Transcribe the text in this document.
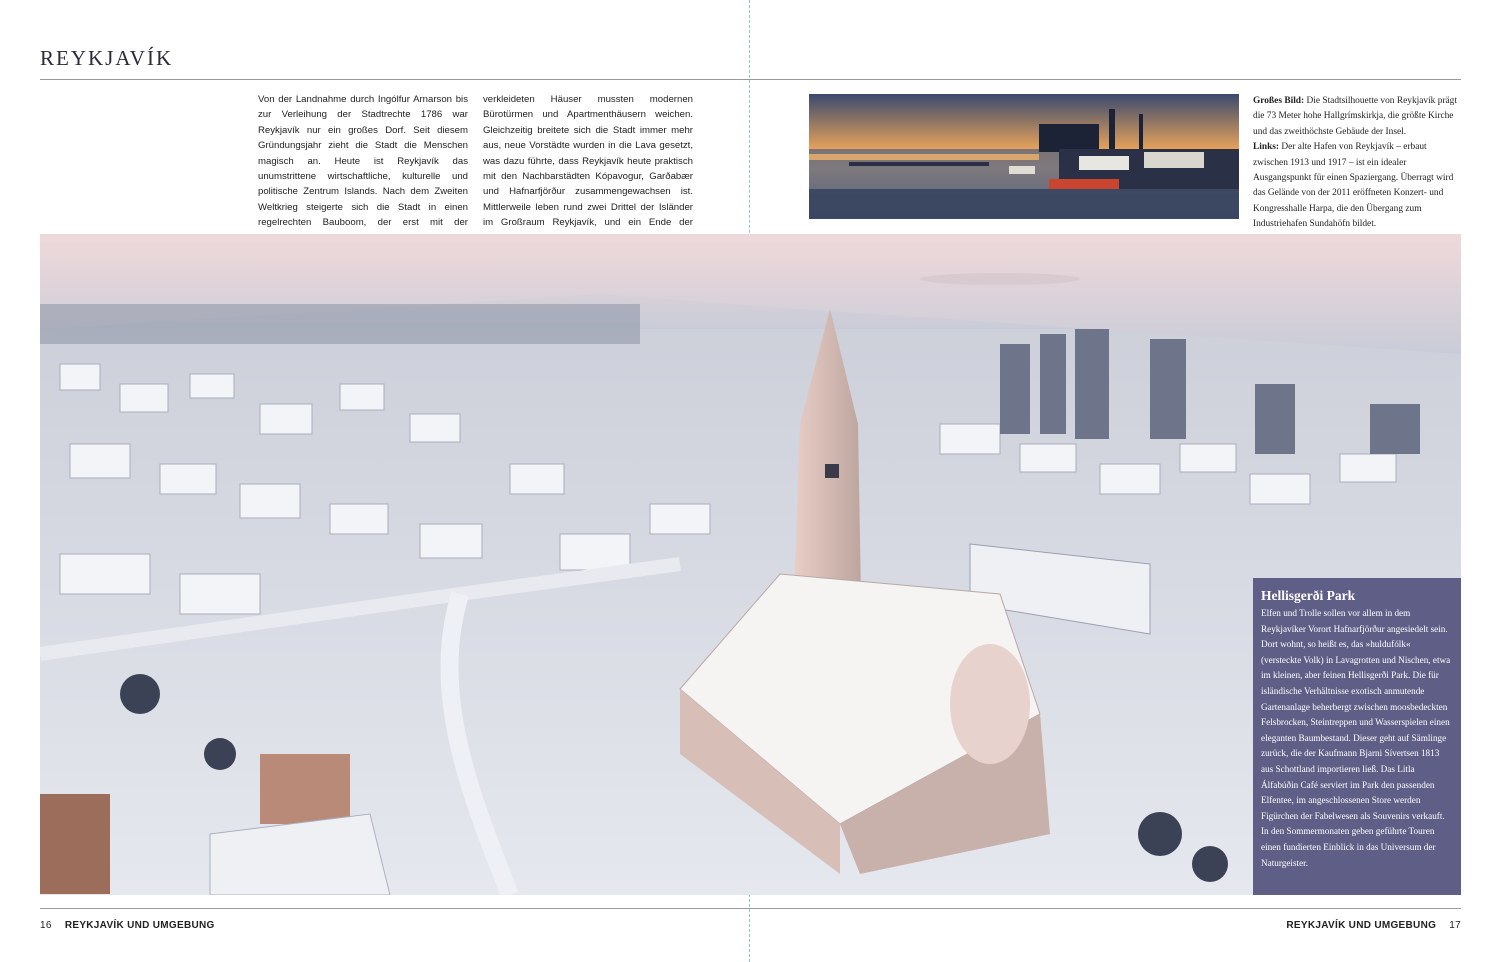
REYKJAVÍK

Von der Landnahme durch Ingólfur Arnarson bis zur Verleihung der Stadtrechte 1786 war Reykjavík nur ein großes Dorf. Seit diesem Gründungsjahr zieht die Stadt die Menschen magisch an. Heute ist Reykjavík das unumstrittene wirtschaftliche, kulturelle und politische Zentrum Islands. Nach dem Zweiten Weltkrieg steigerte sich die Stadt in einen regelrechten Bauboom, der erst mit der

verkleideten Häuser mussten modernen Bürotürmen und Apartmenthäusern weichen. Gleichzeitig breitete sich die Stadt immer mehr aus, neue Vorstädte wurden in die Lava gesetzt, was dazu führte, dass Reykjavík heute praktisch mit den Nachbarstädten Kópavogur, Garðabær und Hafnarfjörður zusammengewachsen ist. Mittlerweile leben rund zwei Drittel der Isländer im Großraum Reykjavík, und ein Ende der

Großes Bild: Die Stadtsilhouette von Reykjavík prägt die 73 Meter hohe Hallgrímskirkja, die größte Kirche und das zweithöchste Gebäude der Insel.

Links: Der alte Hafen von Reykjavík – erbaut zwischen 1913 und 1917 – ist ein idealer Ausgangspunkt für einen Spaziergang. Überragt wird das Gelände von der 2011 eröffneten Konzert- und Kongresshalle Harpa, die den Übergang zum Industriehafen Sundahöfn bildet.

Hellisgerði Park

Elfen und Trolle sollen vor allem in dem Reykjavíker Vorort Hafnarfjörður angesiedelt sein. Dort wohnt, so heißt es, das »huldufólk« (versteckte Volk) in Lavagrotten und Nischen, etwa im kleinen, aber feinen Hellisgerði Park. Die für isländische Verhältnisse exotisch anmutende Gartenanlage beherbergt zwischen moosbedeckten Felsbrocken, Steintreppen und Wasserspielen einen eleganten Baumbestand. Dieser geht auf Sämlinge zurück, die der Kaufmann Bjarni Sívertsen 1813 aus Schottland importieren ließ. Das Litla Álfabúðin Café serviert im Park den passenden Elfentee, im angeschlossenen Store werden Figürchen der Fabelwesen als Souvenirs verkauft. In den Sommermonaten geben geführte Touren einen fundierten Einblick in das Universum der Naturgeister.

16 REYKJAVÍK UND UMGEBUNG	REYKJAVÍK UND UMGEBUNG 17
